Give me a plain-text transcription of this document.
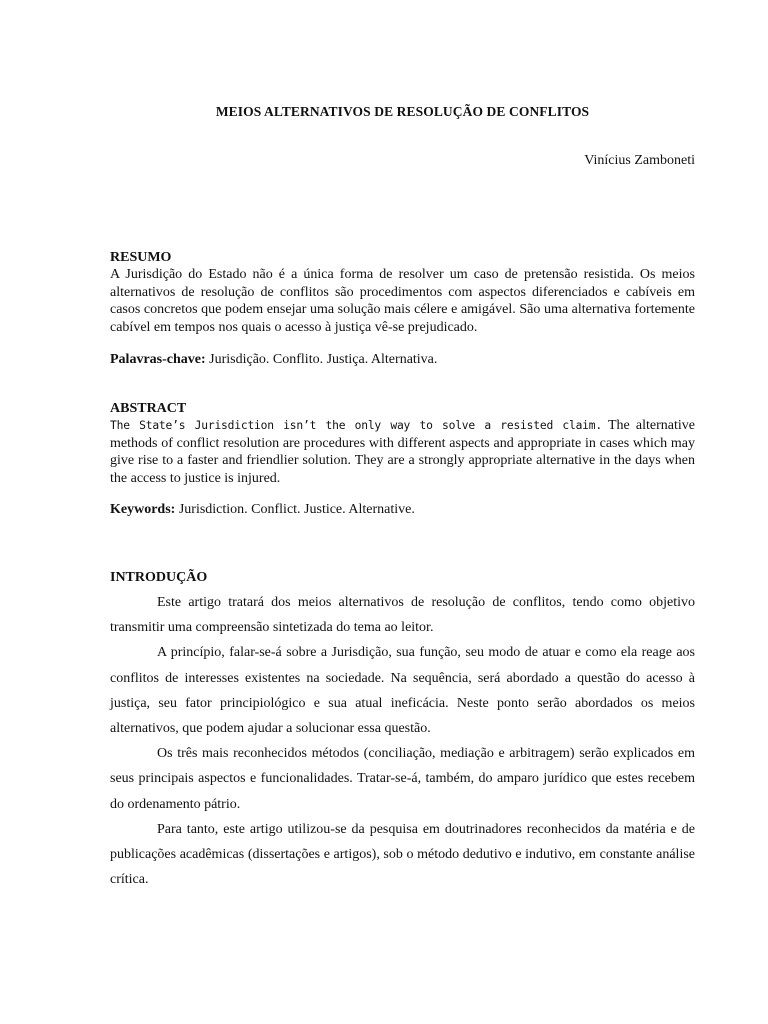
MEIOS ALTERNATIVOS DE RESOLUÇÃO DE CONFLITOS
Vinícius Zamboneti
RESUMO

A Jurisdição do Estado não é a única forma de resolver um caso de pretensão resistida. Os meios alternativos de resolução de conflitos são procedimentos com aspectos diferenciados e cabíveis em casos concretos que podem ensejar uma solução mais célere e amigável. São uma alternativa fortemente cabível em tempos nos quais o acesso à justiça vê-se prejudicado.

Palavras-chave: Jurisdição. Conflito. Justiça. Alternativa.
ABSTRACT

The State’s Jurisdiction isn’t the only way to solve a resisted claim. The alternative methods of conflict resolution are procedures with different aspects and appropriate in cases which may give rise to a faster and friendlier solution. They are a strongly appropriate alternative in the days when the access to justice is injured.

Keywords: Jurisdiction. Conflict. Justice. Alternative.
INTRODUÇÃO

Este artigo tratará dos meios alternativos de resolução de conflitos, tendo como objetivo transmitir uma compreensão sintetizada do tema ao leitor.

A princípio, falar-se-á sobre a Jurisdição, sua função, seu modo de atuar e como ela reage aos conflitos de interesses existentes na sociedade. Na sequência, será abordado a questão do acesso à justiça, seu fator principiológico e sua atual ineficácia. Neste ponto serão abordados os meios alternativos, que podem ajudar a solucionar essa questão.

Os três mais reconhecidos métodos (conciliação, mediação e arbitragem) serão explicados em seus principais aspectos e funcionalidades. Tratar-se-á, também, do amparo jurídico que estes recebem do ordenamento pátrio.

Para tanto, este artigo utilizou-se da pesquisa em doutrinadores reconhecidos da matéria e de publicações acadêmicas (dissertações e artigos), sob o método dedutivo e indutivo, em constante análise crítica.
